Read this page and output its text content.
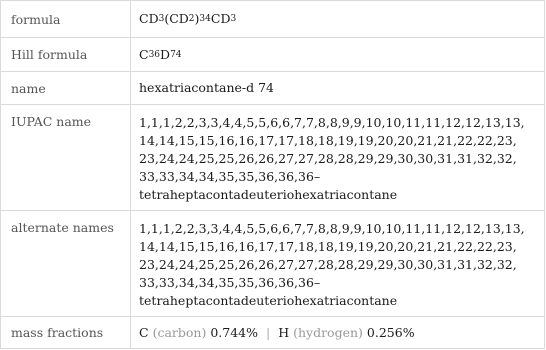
formula	CD 3 (CD 2 ) 34 CD 3
Hill formula	C 36 D 74
name	hexatriacontane-d 74
IUPAC name	1,1,1,2,2,3,3,4,4,5,5,6,6,7,7,8,8,9,9,10,10,11,11,12,12,13,13,
14,14,15,15,16,16,17,17,18,18,19,19,20,20,21,21,22,22,23,
23,24,24,25,25,26,26,27,27,28,28,29,29,30,30,31,31,32,32,
33,33,34,34,35,35,36,36,36–
tetraheptacontadeuteriohexatriacontane
alternate names	1,1,1,2,2,3,3,4,4,5,5,6,6,7,7,8,8,9,9,10,10,11,11,12,12,13,13,
14,14,15,15,16,16,17,17,18,18,19,19,20,20,21,21,22,22,23,
23,24,24,25,25,26,26,27,27,28,28,29,29,30,30,31,31,32,32,
33,33,34,34,35,35,36,36,36–
tetraheptacontadeuteriohexatriacontane
mass fractions	C
(carbon)
0.744% | H
(hydrogen)
0.256%
